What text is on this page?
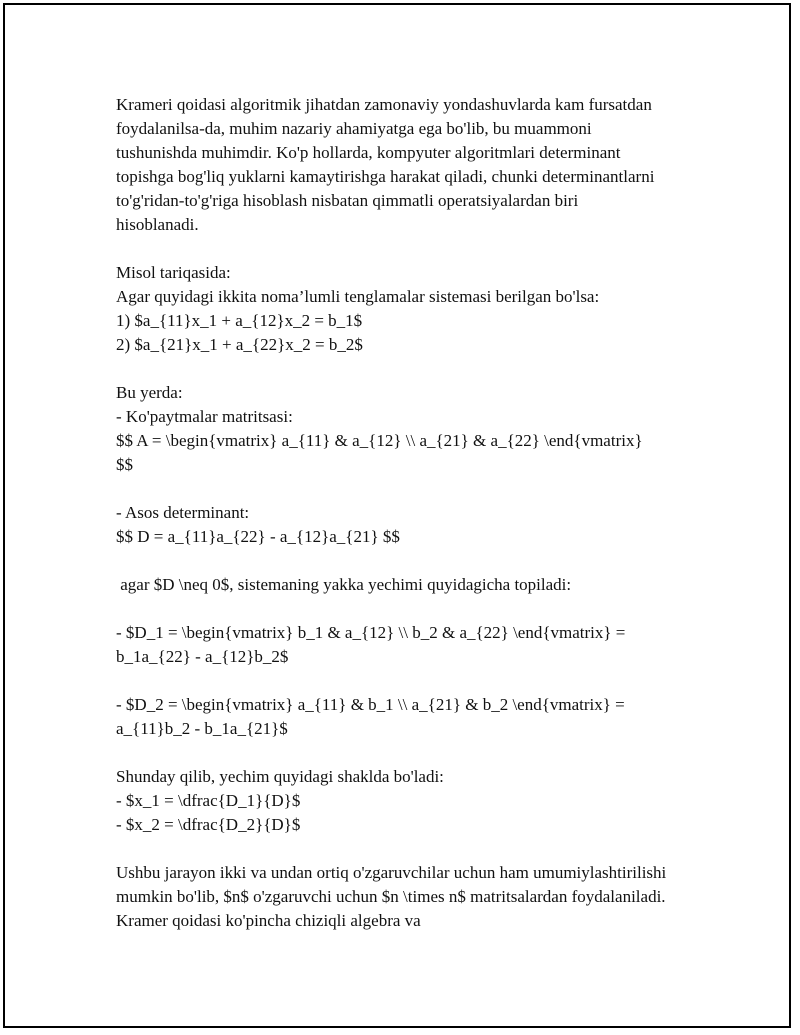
Krameri qoidasi algoritmik jihatdan zamonaviy yondashuvlarda kam fursatdan foydalanilsa-da, muhim nazariy ahamiyatga ega bo'lib, bu muammoni tushunishda muhimdir. Ko'p hollarda, kompyuter algoritmlari determinant topishga bog'liq yuklarni kamaytirishga harakat qiladi, chunki determinantlarni to'g'ridan-to'g'riga hisoblash nisbatan qimmatli operatsiyalardan biri hisoblanadi.

Misol tariqasida:

Agar quyidagi ikkita noma’lumli tenglamalar sistemasi berilgan bo'lsa:

1) $a_{11}x_1 + a_{12}x_2 = b_1$

2) $a_{21}x_1 + a_{22}x_2 = b_2$

Bu yerda:

- Ko'paytmalar matritsasi:

$$ A = \begin{vmatrix} a_{11} & a_{12} \\ a_{21} & a_{22} \end{vmatrix} $$

- Asos determinant:

$$ D = a_{11}a_{22} - a_{12}a_{21} $$

agar $D \neq 0$, sistemaning yakka yechimi quyidagicha topiladi:

- $D_1 = \begin{vmatrix} b_1 & a_{12} \\ b_2 & a_{22} \end{vmatrix} = b_1a_{22} - a_{12}b_2$

- $D_2 = \begin{vmatrix} a_{11} & b_1 \\ a_{21} & b_2 \end{vmatrix} = a_{11}b_2 - b_1a_{21}$

Shunday qilib, yechim quyidagi shaklda bo'ladi:

- $x_1 = \dfrac{D_1}{D}$

- $x_2 = \dfrac{D_2}{D}$

Ushbu jarayon ikki va undan ortiq o'zgaruvchilar uchun ham umumiylashtirilishi mumkin bo'lib, $n$ o'zgaruvchi uchun $n \times n$ matritsalardan foydalaniladi. Kramer qoidasi ko'pincha chiziqli algebra va
